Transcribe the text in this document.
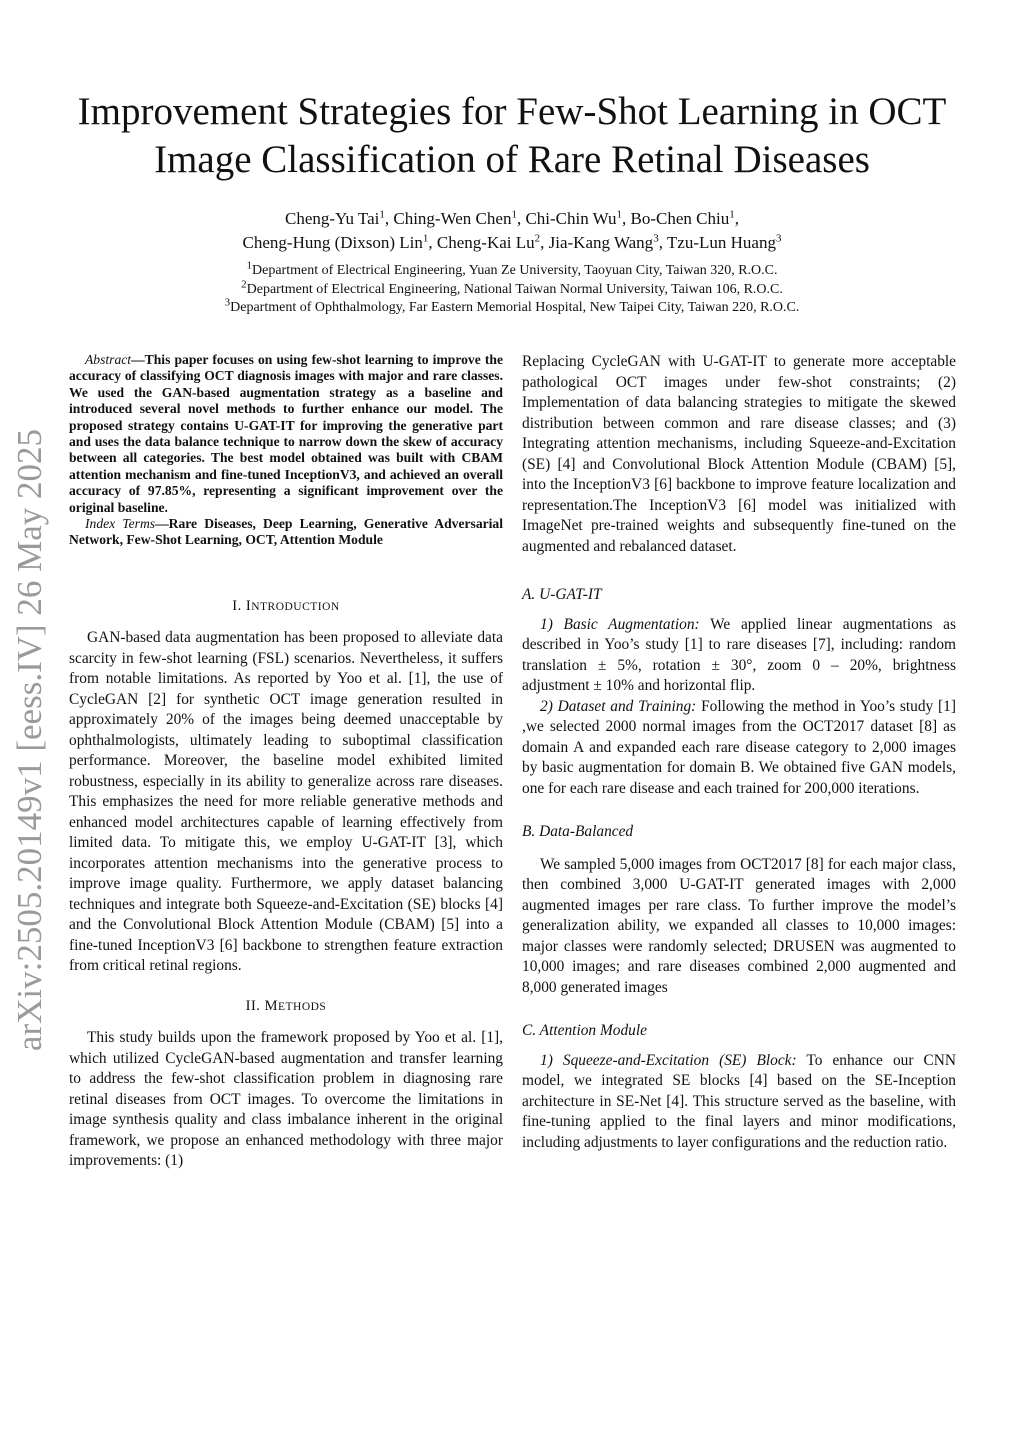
Improvement Strategies for Few-Shot Learning in OCT Image Classification of Rare Retinal Diseases
Cheng-Yu Tai$^1$, Ching-Wen Chen$^1$, Chi-Chin Wu$^1$, Bo-Chen Chiu$^1$,
Cheng-Hung (Dixson) Lin$^1$, Cheng-Kai Lu$^2$, Jia-Kang Wang$^3$, Tzu-Lun Huang$^3$
$^1$Department of Electrical Engineering, Yuan Ze University, Taoyuan City, Taiwan 320, R.O.C.
$^2$Department of Electrical Engineering, National Taiwan Normal University, Taiwan 106, R.O.C.
$^3$Department of Ophthalmology, Far Eastern Memorial Hospital, New Taipei City, Taiwan 220, R.O.C.
arXiv:2505.20149v1 [eess.IV] 26 May 2025

Abstract—This paper focuses on using few-shot learning to improve the accuracy of classifying OCT diagnosis images with major and rare classes. We used the GAN-based augmentation strategy as a baseline and introduced several novel methods to further enhance our model. The proposed strategy contains U-GAT-IT for improving the generative part and uses the data balance technique to narrow down the skew of accuracy between all categories. The best model obtained was built with CBAM attention mechanism and fine-tuned InceptionV3, and achieved an overall accuracy of 97.85%, representing a significant improvement over the original baseline.

Index Terms—Rare Diseases, Deep Learning, Generative Adversarial Network, Few-Shot Learning, OCT, Attention Module

I. INTRODUCTION

GAN-based data augmentation has been proposed to alleviate data scarcity in few-shot learning (FSL) scenarios. Nevertheless, it suffers from notable limitations. As reported by Yoo et al. [1], the use of CycleGAN [2] for synthetic OCT image generation resulted in approximately 20% of the images being deemed unacceptable by ophthalmologists, ultimately leading to suboptimal classification performance. Moreover, the baseline model exhibited limited robustness, especially in its ability to generalize across rare diseases. This emphasizes the need for more reliable generative methods and enhanced model architectures capable of learning effectively from limited data. To mitigate this, we employ U-GAT-IT [3], which incorporates attention mechanisms into the generative process to improve image quality. Furthermore, we apply dataset balancing techniques and integrate both Squeeze-and-Excitation (SE) blocks [4] and the Convolutional Block Attention Module (CBAM) [5] into a fine-tuned InceptionV3 [6] backbone to strengthen feature extraction from critical retinal regions.

II. METHODS

This study builds upon the framework proposed by Yoo et al. [1], which utilized CycleGAN-based augmentation and transfer learning to address the few-shot classification problem in diagnosing rare retinal diseases from OCT images. To overcome the limitations in image synthesis quality and class imbalance inherent in the original framework, we propose an enhanced methodology with three major improvements: (1)

Replacing CycleGAN with U-GAT-IT to generate more acceptable pathological OCT images under few-shot constraints; (2) Implementation of data balancing strategies to mitigate the skewed distribution between common and rare disease classes; and (3) Integrating attention mechanisms, including Squeeze-and-Excitation (SE) [4] and Convolutional Block Attention Module (CBAM) [5], into the InceptionV3 [6] backbone to improve feature localization and representation.The InceptionV3 [6] model was initialized with ImageNet pre-trained weights and subsequently fine-tuned on the augmented and rebalanced dataset.

A. U-GAT-IT

1) Basic Augmentation: We applied linear augmentations as described in Yoo’s study [1] to rare diseases [7], including: random translation ± 5%, rotation ± 30°, zoom 0 – 20%, brightness adjustment ± 10% and horizontal flip.

2) Dataset and Training: Following the method in Yoo’s study [1] ,we selected 2000 normal images from the OCT2017 dataset [8] as domain A and expanded each rare disease category to 2,000 images by basic augmentation for domain B. We obtained five GAN models, one for each rare disease and each trained for 200,000 iterations.

B. Data-Balanced

We sampled 5,000 images from OCT2017 [8] for each major class, then combined 3,000 U-GAT-IT generated images with 2,000 augmented images per rare class. To further improve the model’s generalization ability, we expanded all classes to 10,000 images: major classes were randomly selected; DRUSEN was augmented to 10,000 images; and rare diseases combined 2,000 augmented and 8,000 generated images

C. Attention Module

1) Squeeze-and-Excitation (SE) Block: To enhance our CNN model, we integrated SE blocks [4] based on the SE-Inception architecture in SE-Net [4]. This structure served as the baseline, with fine-tuning applied to the final layers and minor modifications, including adjustments to layer configurations and the reduction ratio.
